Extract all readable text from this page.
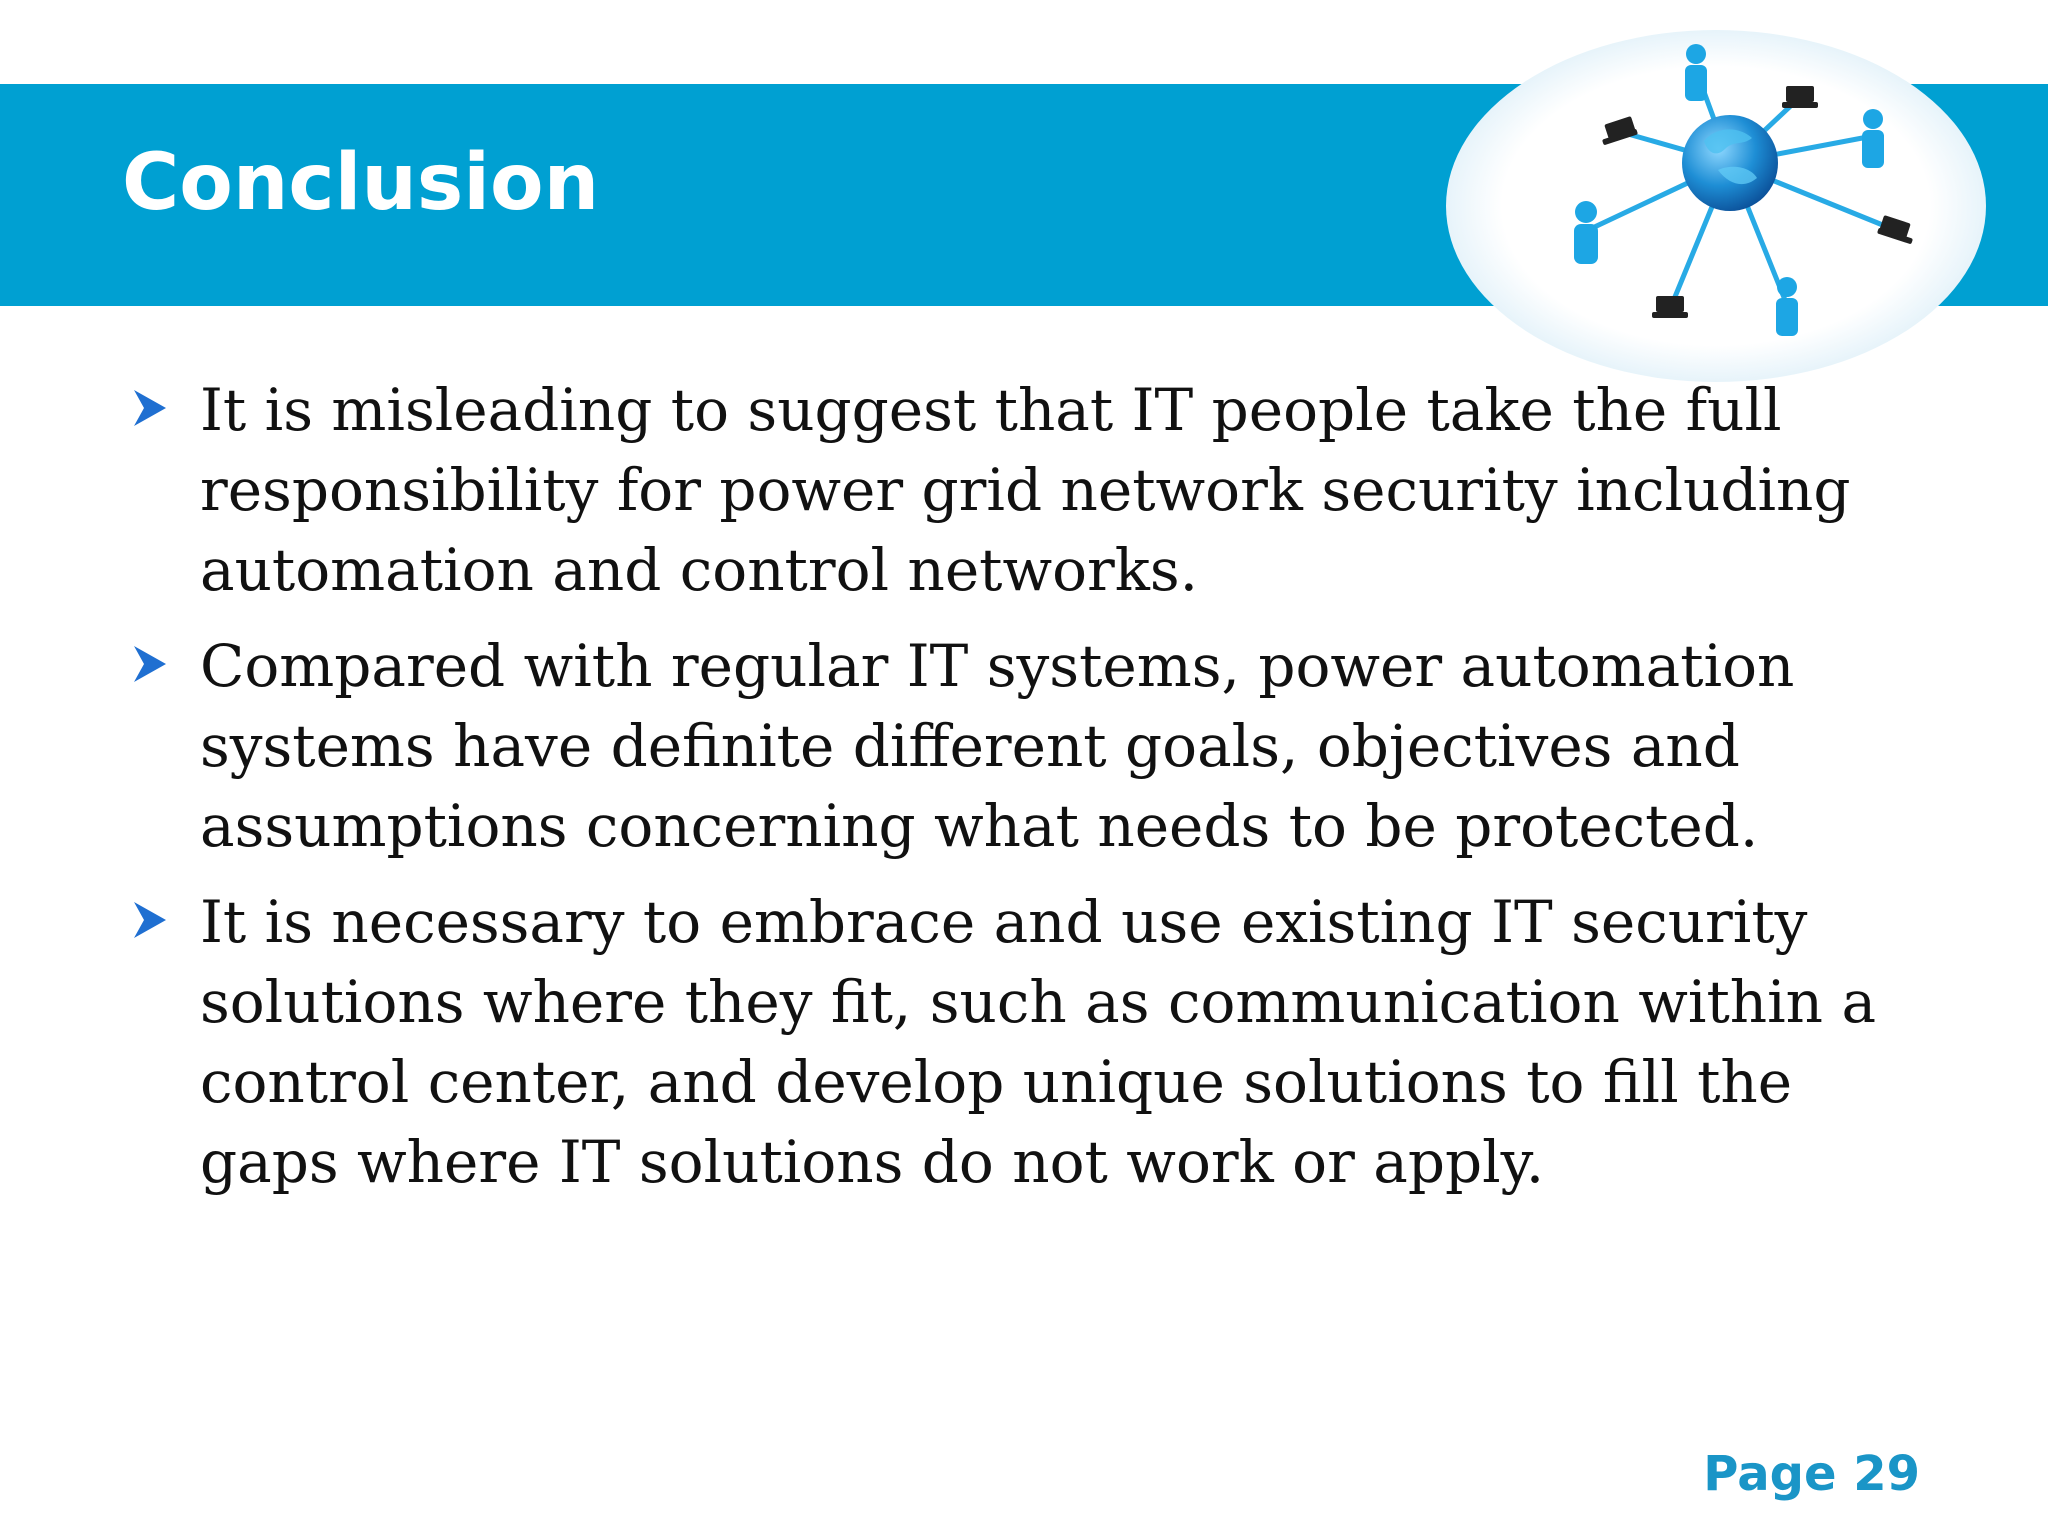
Conclusion
It is misleading to suggest that IT people take the full responsibility for power grid network security including automation and control networks.
Compared with regular IT systems, power automation systems have definite different goals, objectives and assumptions concerning what needs to be protected.
It is necessary to embrace and use existing IT security solutions where they fit, such as communication within a control center, and develop unique solutions to fill the gaps where IT solutions do not work or apply.

Page 29
